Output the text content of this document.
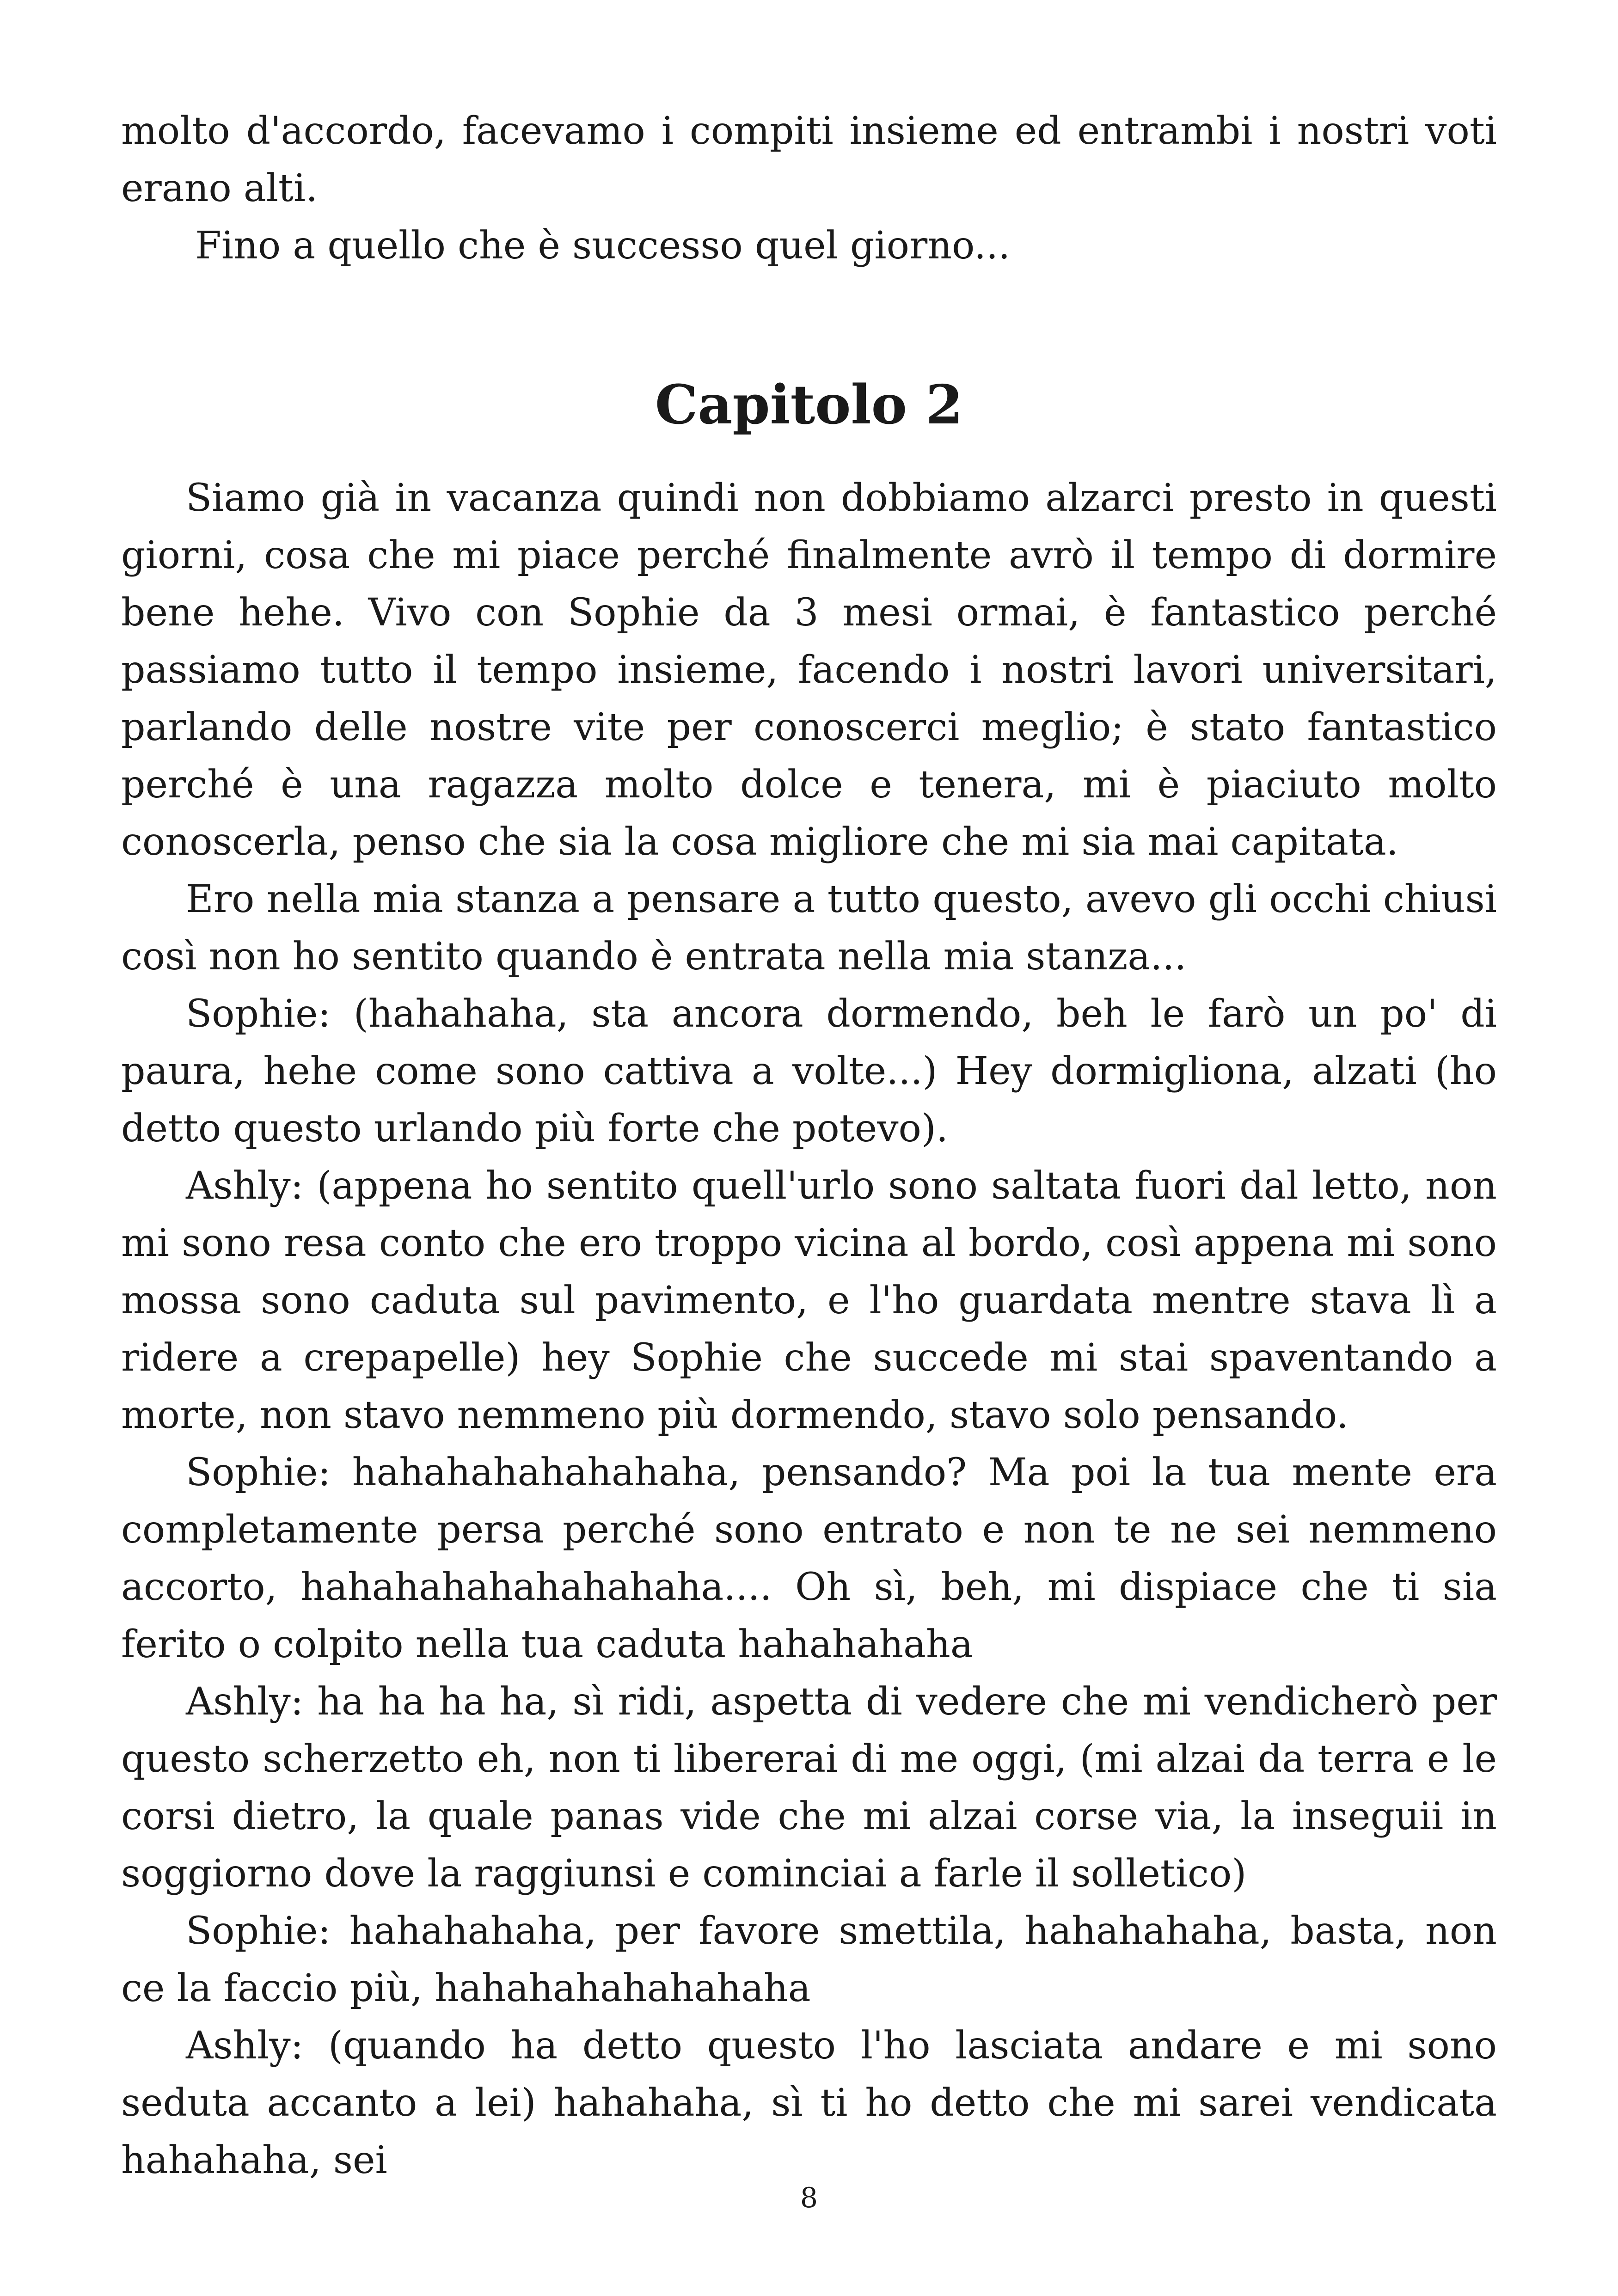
molto d'accordo, facevamo i compiti insieme ed entrambi i nostri voti erano alti.

Fino a quello che è successo quel giorno...

Capitolo 2

Siamo già in vacanza quindi non dobbiamo alzarci presto in questi giorni, cosa che mi piace perché finalmente avrò il tempo di dormire bene hehe. Vivo con Sophie da 3 mesi ormai, è fantastico perché passiamo tutto il tempo insieme, facendo i nostri lavori universitari, parlando delle nostre vite per conoscerci meglio; è stato fantastico perché è una ragazza molto dolce e tenera, mi è piaciuto molto conoscerla, penso che sia la cosa migliore che mi sia mai capitata.

Ero nella mia stanza a pensare a tutto questo, avevo gli occhi chiusi così non ho sentito quando è entrata nella mia stanza...

Sophie: (hahahaha, sta ancora dormendo, beh le farò un po' di paura, hehe come sono cattiva a volte...) Hey dormigliona, alzati (ho detto questo urlando più forte che potevo).

Ashly: (appena ho sentito quell'urlo sono saltata fuori dal letto, non mi sono resa conto che ero troppo vicina al bordo, così appena mi sono mossa sono caduta sul pavimento, e l'ho guardata mentre stava lì a ridere a crepapelle) hey Sophie che succede mi stai spaventando a morte, non stavo nemmeno più dormendo, stavo solo pensando.

Sophie: hahahahahahahaha, pensando? Ma poi la tua mente era completamente persa perché sono entrato e non te ne sei nemmeno accorto, hahahahahahahahaha.... Oh sì, beh, mi dispiace che ti sia ferito o colpito nella tua caduta hahahahaha

Ashly: ha ha ha ha, sì ridi, aspetta di vedere che mi vendicherò per questo scherzetto eh, non ti libererai di me oggi, (mi alzai da terra e le corsi dietro, la quale panas vide che mi alzai corse via, la inseguii in soggiorno dove la raggiunsi e cominciai a farle il solletico)

Sophie: hahahahaha, per favore smettila, hahahahaha, basta, non ce la faccio più, hahahahahahahaha

Ashly: (quando ha detto questo l'ho lasciata andare e mi sono seduta accanto a lei) hahahaha, sì ti ho detto che mi sarei vendicata hahahaha, sei

8
